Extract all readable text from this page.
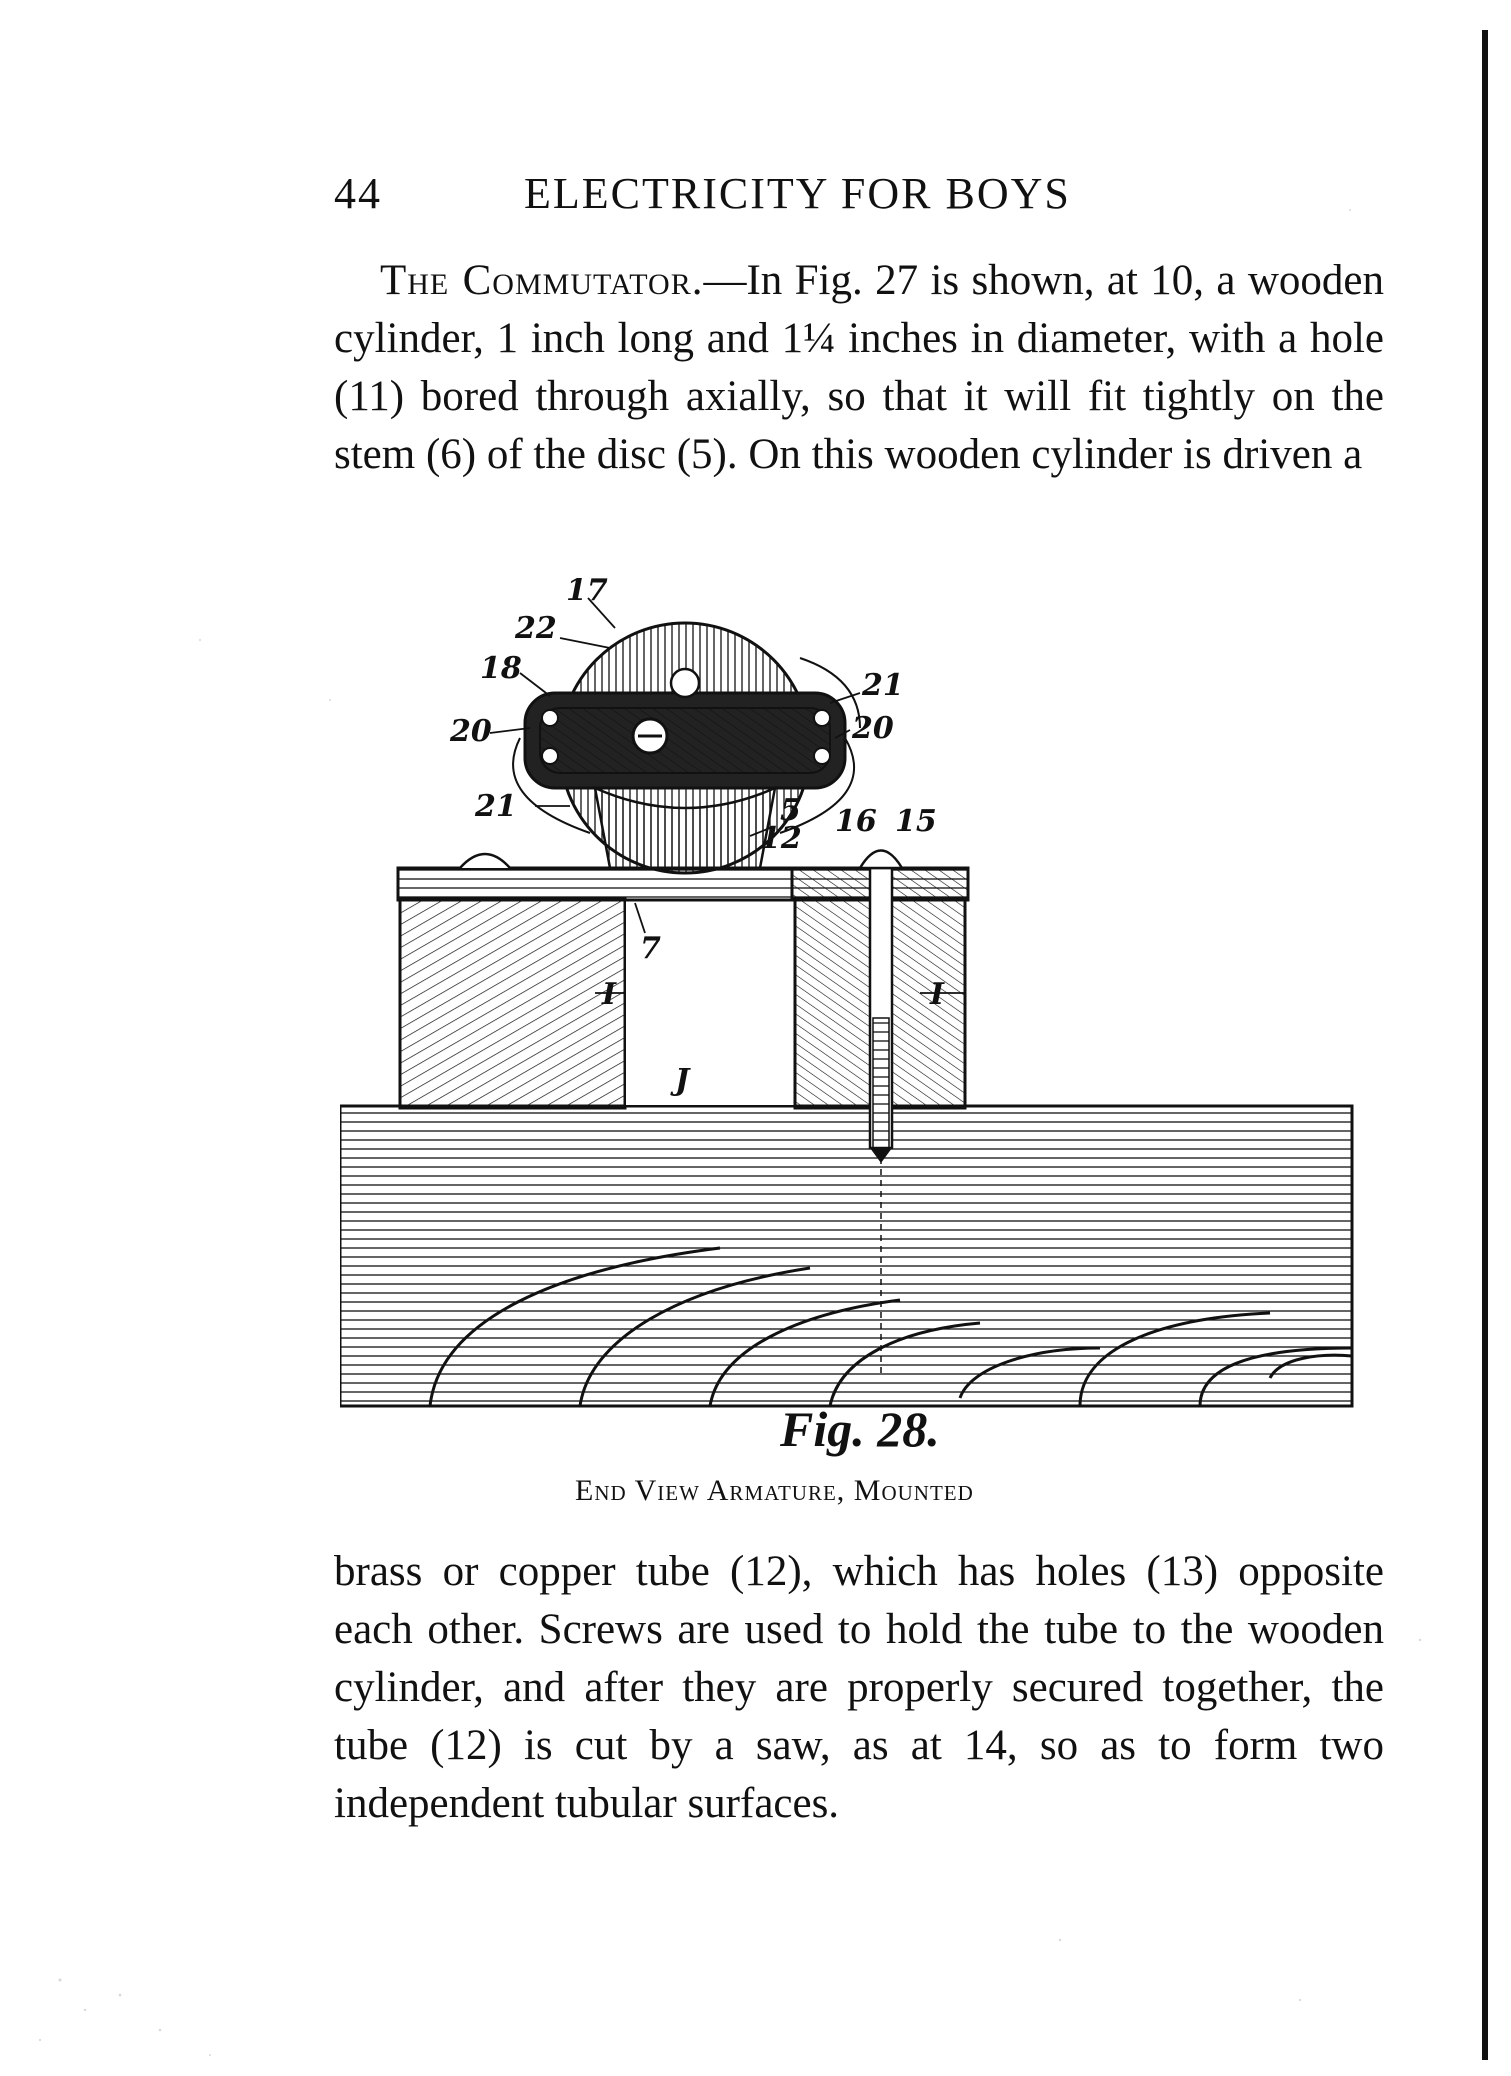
44	ELECTRICITY FOR BOYS
The Commutator.—In Fig. 27 is shown, at 10, a wooden cylinder, 1 inch long and 1¼ inches in diameter, with a hole (11) bored through axially, so that it will fit tightly on the stem (6) of the disc (5). On this wooden cylinder is driven a
17
22
18
20
21
20
21	5
12 16 15
7
I	I
J
Fig. 28.
End View Armature, Mounted
brass or copper tube (12), which has holes (13) opposite each other. Screws are used to hold the tube to the wooden cylinder, and after they are properly secured together, the tube (12) is cut by a saw, as at 14, so as to form two independent tubular surfaces.
